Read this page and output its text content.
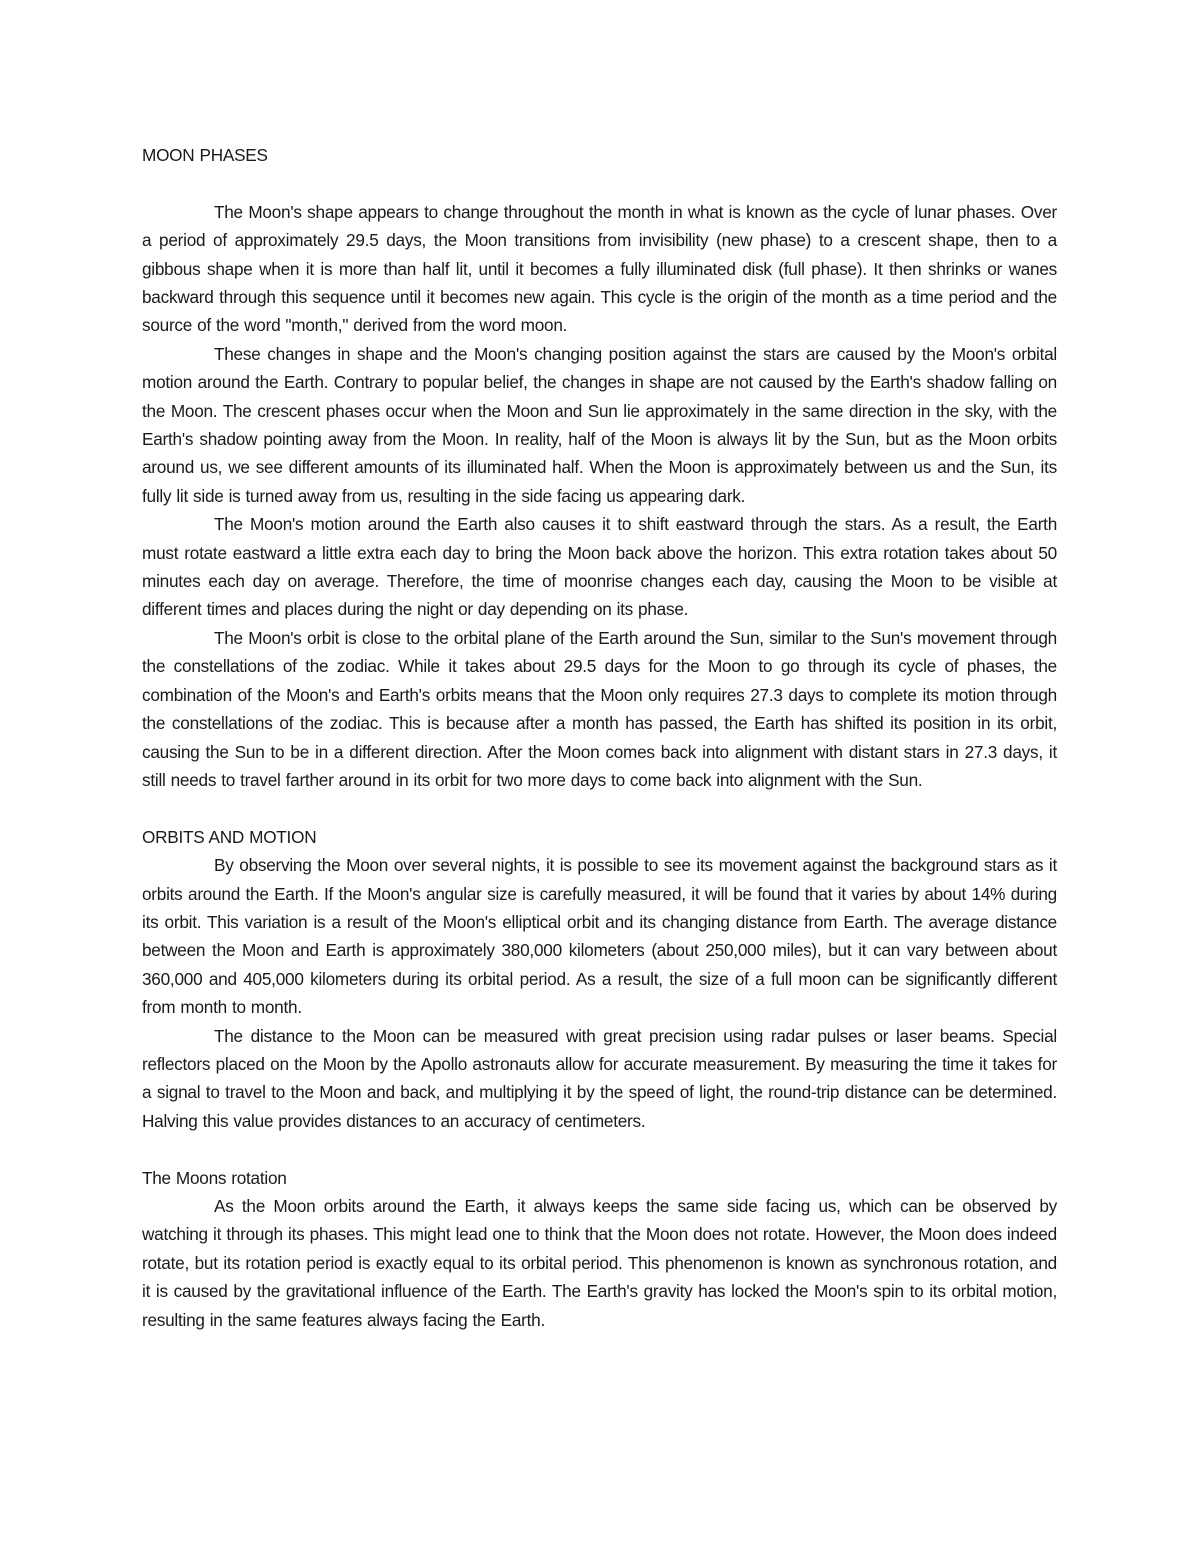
MOON PHASES

The Moon's shape appears to change throughout the month in what is known as the cycle of lunar phases. Over a period of approximately 29.5 days, the Moon transitions from invisibility (new phase) to a crescent shape, then to a gibbous shape when it is more than half lit, until it becomes a fully illuminated disk (full phase). It then shrinks or wanes backward through this sequence until it becomes new again. This cycle is the origin of the month as a time period and the source of the word "month," derived from the word moon.

These changes in shape and the Moon's changing position against the stars are caused by the Moon's orbital motion around the Earth. Contrary to popular belief, the changes in shape are not caused by the Earth's shadow falling on the Moon. The crescent phases occur when the Moon and Sun lie approximately in the same direction in the sky, with the Earth's shadow pointing away from the Moon. In reality, half of the Moon is always lit by the Sun, but as the Moon orbits around us, we see different amounts of its illuminated half. When the Moon is approximately between us and the Sun, its fully lit side is turned away from us, resulting in the side facing us appearing dark.

The Moon's motion around the Earth also causes it to shift eastward through the stars. As a result, the Earth must rotate eastward a little extra each day to bring the Moon back above the horizon. This extra rotation takes about 50 minutes each day on average. Therefore, the time of moonrise changes each day, causing the Moon to be visible at different times and places during the night or day depending on its phase.

The Moon's orbit is close to the orbital plane of the Earth around the Sun, similar to the Sun's movement through the constellations of the zodiac. While it takes about 29.5 days for the Moon to go through its cycle of phases, the combination of the Moon's and Earth's orbits means that the Moon only requires 27.3 days to complete its motion through the constellations of the zodiac. This is because after a month has passed, the Earth has shifted its position in its orbit, causing the Sun to be in a different direction. After the Moon comes back into alignment with distant stars in 27.3 days, it still needs to travel farther around in its orbit for two more days to come back into alignment with the Sun.

ORBITS AND MOTION

By observing the Moon over several nights, it is possible to see its movement against the background stars as it orbits around the Earth. If the Moon's angular size is carefully measured, it will be found that it varies by about 14% during its orbit. This variation is a result of the Moon's elliptical orbit and its changing distance from Earth. The average distance between the Moon and Earth is approximately 380,000 kilometers (about 250,000 miles), but it can vary between about 360,000 and 405,000 kilometers during its orbital period. As a result, the size of a full moon can be significantly different from month to month.

The distance to the Moon can be measured with great precision using radar pulses or laser beams. Special reflectors placed on the Moon by the Apollo astronauts allow for accurate measurement. By measuring the time it takes for a signal to travel to the Moon and back, and multiplying it by the speed of light, the round-trip distance can be determined. Halving this value provides distances to an accuracy of centimeters.

The Moons rotation

As the Moon orbits around the Earth, it always keeps the same side facing us, which can be observed by watching it through its phases. This might lead one to think that the Moon does not rotate. However, the Moon does indeed rotate, but its rotation period is exactly equal to its orbital period. This phenomenon is known as synchronous rotation, and it is caused by the gravitational influence of the Earth. The Earth's gravity has locked the Moon's spin to its orbital motion, resulting in the same features always facing the Earth.
